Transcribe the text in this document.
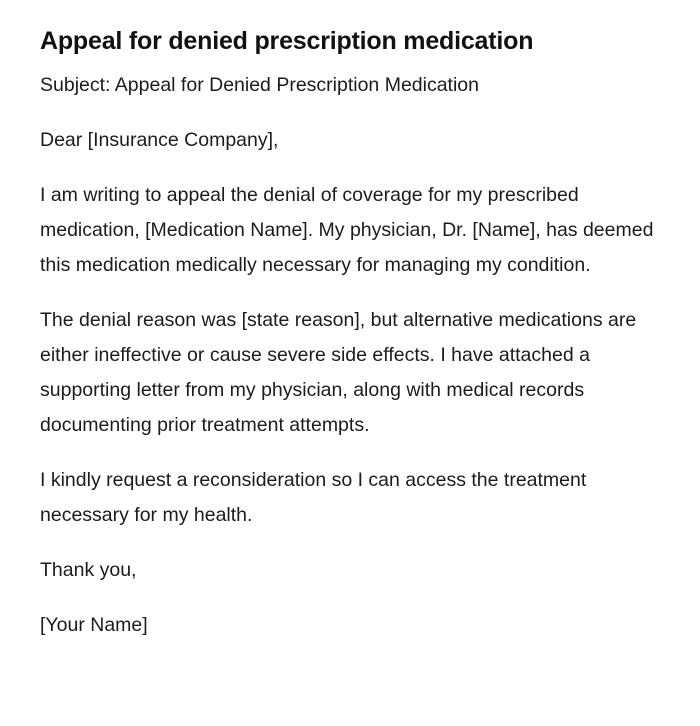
Appeal for denied prescription medication

Subject: Appeal for Denied Prescription Medication

Dear [Insurance Company],

I am writing to appeal the denial of coverage for my prescribed medication, [Medication Name]. My physician, Dr. [Name], has deemed this medication medically necessary for managing my condition.

The denial reason was [state reason], but alternative medications are either ineffective or cause severe side effects. I have attached a supporting letter from my physician, along with medical records documenting prior treatment attempts.

I kindly request a reconsideration so I can access the treatment necessary for my health.

Thank you,

[Your Name]
